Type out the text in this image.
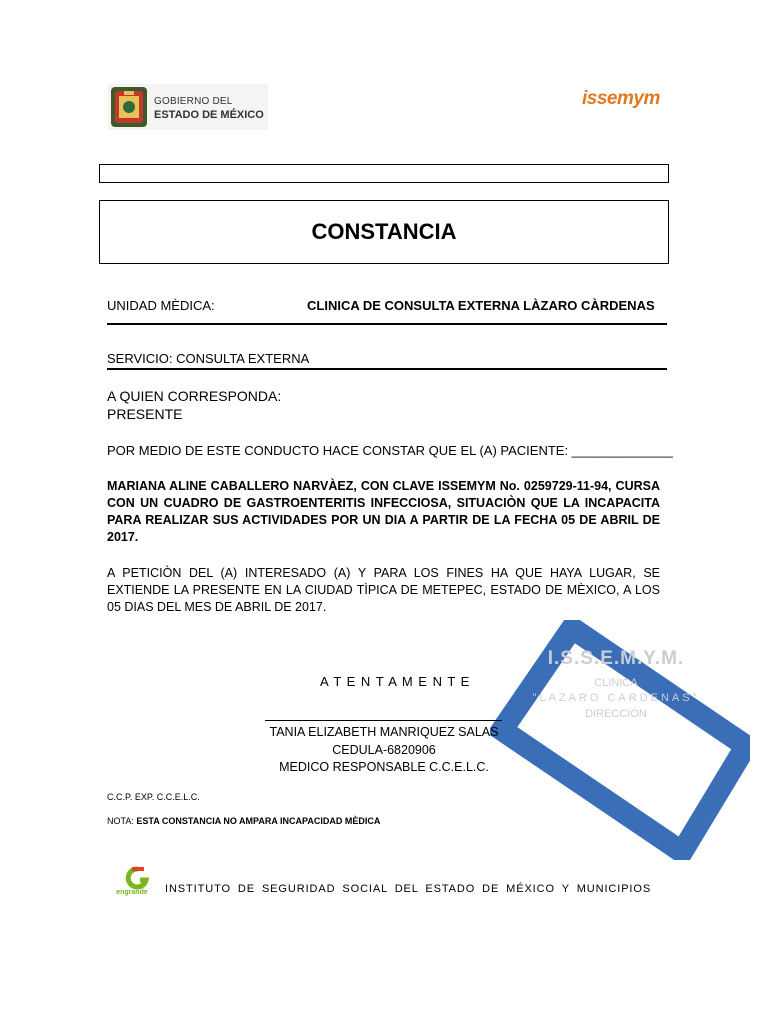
GOBIERNO DEL
ESTADO DE MÉXICO
issemym
CONSTANCIA
UNIDAD MÈDICA:	CLINICA DE CONSULTA EXTERNA LÀZARO CÀRDENAS
SERVICIO: CONSULTA EXTERNA
A QUIEN CORRESPONDA:
PRESENTE
POR MEDIO DE ESTE CONDUCTO HACE CONSTAR QUE EL (A) PACIENTE: ______________
MARIANA ALINE CABALLERO NARVÀEZ, CON CLAVE ISSEMYM No. 0259729-11-94, CURSA CON UN CUADRO DE GASTROENTERITIS INFECCIOSA, SITUACIÒN QUE LA INCAPACITA PARA REALIZAR SUS ACTIVIDADES POR UN DIA A PARTIR DE LA FECHA 05 DE ABRIL DE 2017.
A PETICIÒN DEL (A) INTERESADO (A) Y PARA LOS FINES HA QUE HAYA LUGAR, SE EXTIENDE LA PRESENTE EN LA CIUDAD TÌPICA DE METEPEC, ESTADO DE MÈXICO, A LOS 05 DIAS DEL MES DE ABRIL DE 2017.
I.S.S.E.M.Y.M.
CLINICA
"LAZARO CARDENAS"
DIRECCIÓN
A T E N T A M E N T E
TANIA ELIZABETH MANRIQUEZ SALAS
CEDULA-6820906
MEDICO RESPONSABLE C.C.E.L.C.
C.C.P. EXP. C.C.E.L.C.
NOTA: ESTA CONSTANCIA NO AMPARA INCAPACIDAD MÈDICA
engrande INSTITUTO DE SEGURIDAD SOCIAL DEL ESTADO DE MÉXICO Y MUNICIPIOS
